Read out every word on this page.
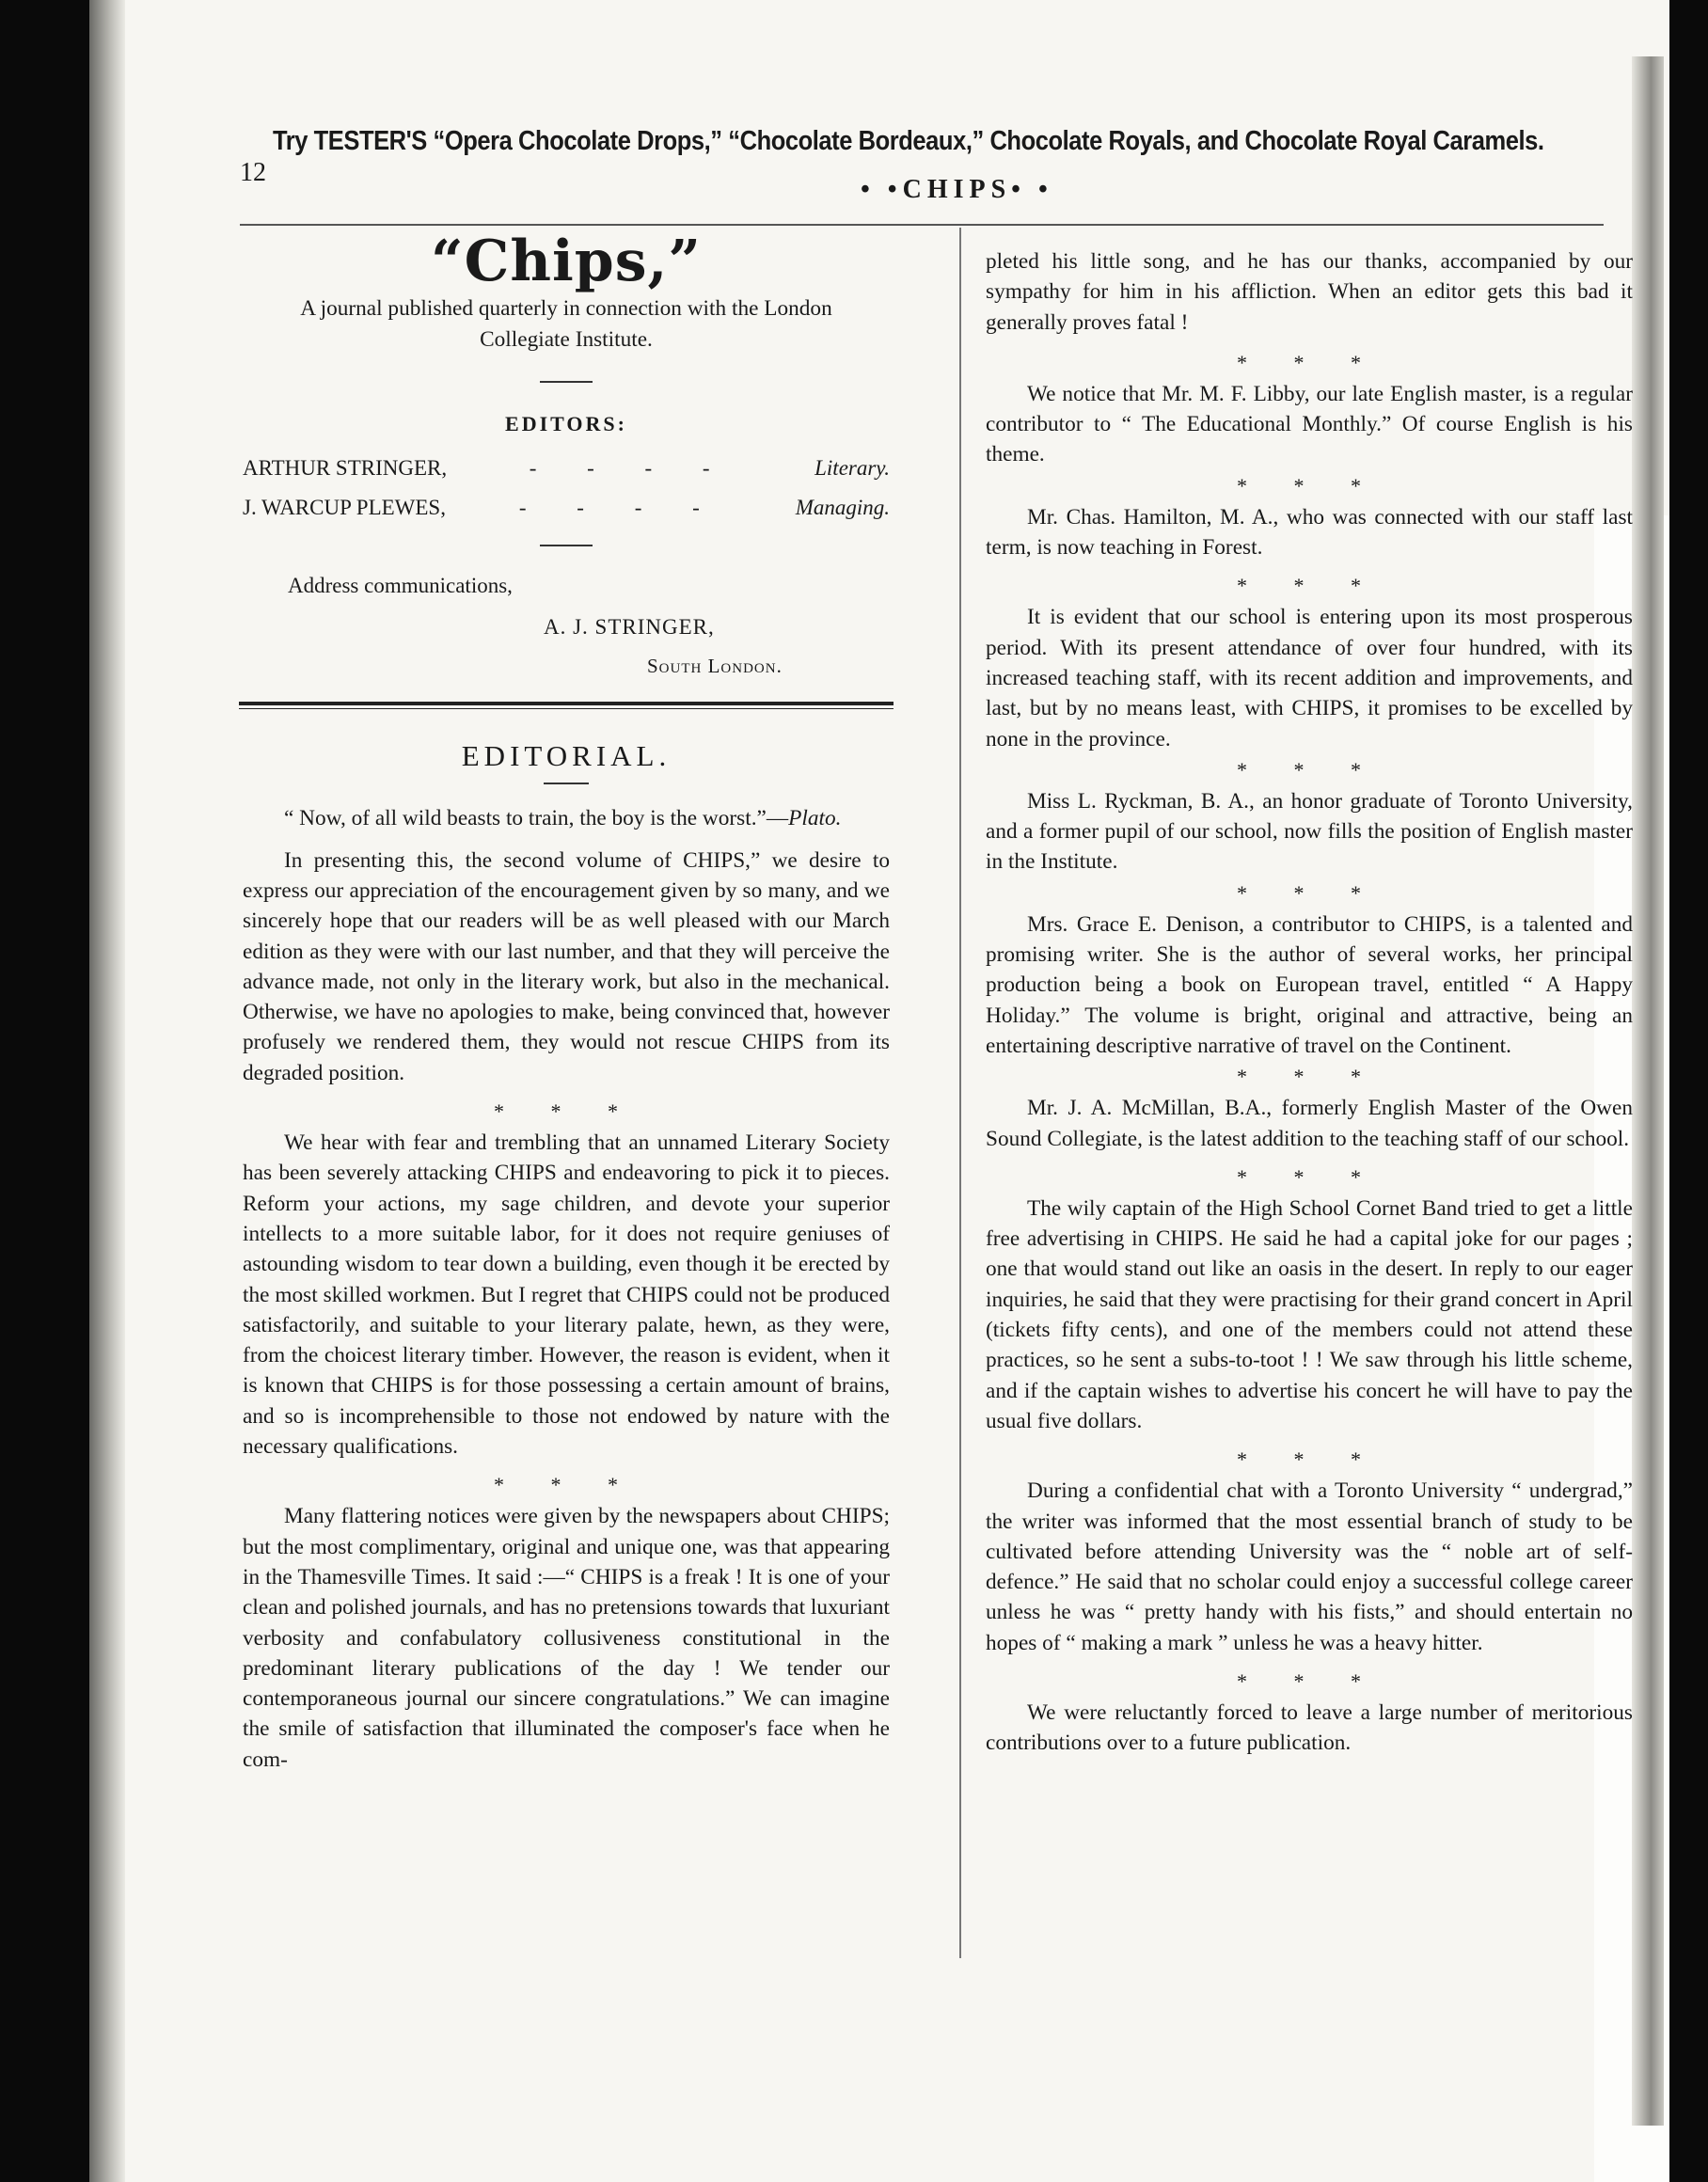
Try TESTER'S “Opera Chocolate Drops,” “Chocolate Bordeaux,” Chocolate Royals, and Chocolate Royal Caramels.
12
• •CHIPS• •
“Chips,”
A journal published quarterly in connection with the London Collegiate Institute.
EDITORS:
ARTHUR STRINGER,	- - - -	Literary.
J. WARCUP PLEWES,	- - - -	Managing.
Address communications,
A. J. STRINGER,
South London.
EDITORIAL.

“ Now, of all wild beasts to train, the boy is the worst.”—Plato.

In presenting this, the second volume of CHIPS,” we desire to express our appreciation of the encouragement given by so many, and we sincerely hope that our readers will be as well pleased with our March edition as they were with our last number, and that they will perceive the advance made, not only in the literary work, but also in the mechanical. Otherwise, we have no apologies to make, being convinced that, however profusely we rendered them, they would not rescue CHIPS from its degraded position.

* * *

We hear with fear and trembling that an unnamed Literary Society has been severely attacking CHIPS and endeavoring to pick it to pieces. Reform your actions, my sage children, and devote your superior intellects to a more suitable labor, for it does not require geniuses of astounding wisdom to tear down a building, even though it be erected by the most skilled workmen. But I regret that CHIPS could not be produced satisfactorily, and suitable to your literary palate, hewn, as they were, from the choicest literary timber. However, the reason is evident, when it is known that CHIPS is for those possessing a certain amount of brains, and so is incomprehensible to those not endowed by nature with the necessary qualifications.

* * *

Many flattering notices were given by the newspapers about CHIPS; but the most complimentary, original and unique one, was that appearing in the Thamesville Times. It said :—“ CHIPS is a freak ! It is one of your clean and polished journals, and has no pretensions towards that luxuriant verbosity and confabulatory collusiveness constitutional in the predominant literary publications of the day ! We tender our contemporaneous journal our sincere congratulations.” We can imagine the smile of satisfaction that illuminated the composer's face when he com-

pleted his little song, and he has our thanks, accompanied by our sympathy for him in his affliction. When an editor gets this bad it generally proves fatal !

* * *

We notice that Mr. M. F. Libby, our late English master, is a regular contributor to “ The Educational Monthly.” Of course English is his theme.

* * *

Mr. Chas. Hamilton, M. A., who was connected with our staff last term, is now teaching in Forest.

* * *

It is evident that our school is entering upon its most prosperous period. With its present attendance of over four hundred, with its increased teaching staff, with its recent addition and improvements, and last, but by no means least, with CHIPS, it promises to be excelled by none in the province.

* * *

Miss L. Ryckman, B. A., an honor graduate of Toronto University, and a former pupil of our school, now fills the position of English master in the Institute.

* * *

Mrs. Grace E. Denison, a contributor to CHIPS, is a talented and promising writer. She is the author of several works, her principal production being a book on European travel, entitled “ A Happy Holiday.” The volume is bright, original and attractive, being an entertaining descriptive narrative of travel on the Continent.

* * *

Mr. J. A. McMillan, B.A., formerly English Master of the Owen Sound Collegiate, is the latest addition to the teaching staff of our school.

* * *

The wily captain of the High School Cornet Band tried to get a little free advertising in CHIPS. He said he had a capital joke for our pages ; one that would stand out like an oasis in the desert. In reply to our eager inquiries, he said that they were practising for their grand concert in April (tickets fifty cents), and one of the members could not attend these practices, so he sent a subs-to-toot ! ! We saw through his little scheme, and if the captain wishes to advertise his concert he will have to pay the usual five dollars.

* * *

During a confidential chat with a Toronto University “ undergrad,” the writer was informed that the most essential branch of study to be cultivated before attending University was the “ noble art of self-defence.” He said that no scholar could enjoy a successful college career unless he was “ pretty handy with his fists,” and should entertain no hopes of “ making a mark ” unless he was a heavy hitter.

* * *

We were reluctantly forced to leave a large number of meritorious contributions over to a future publication.
